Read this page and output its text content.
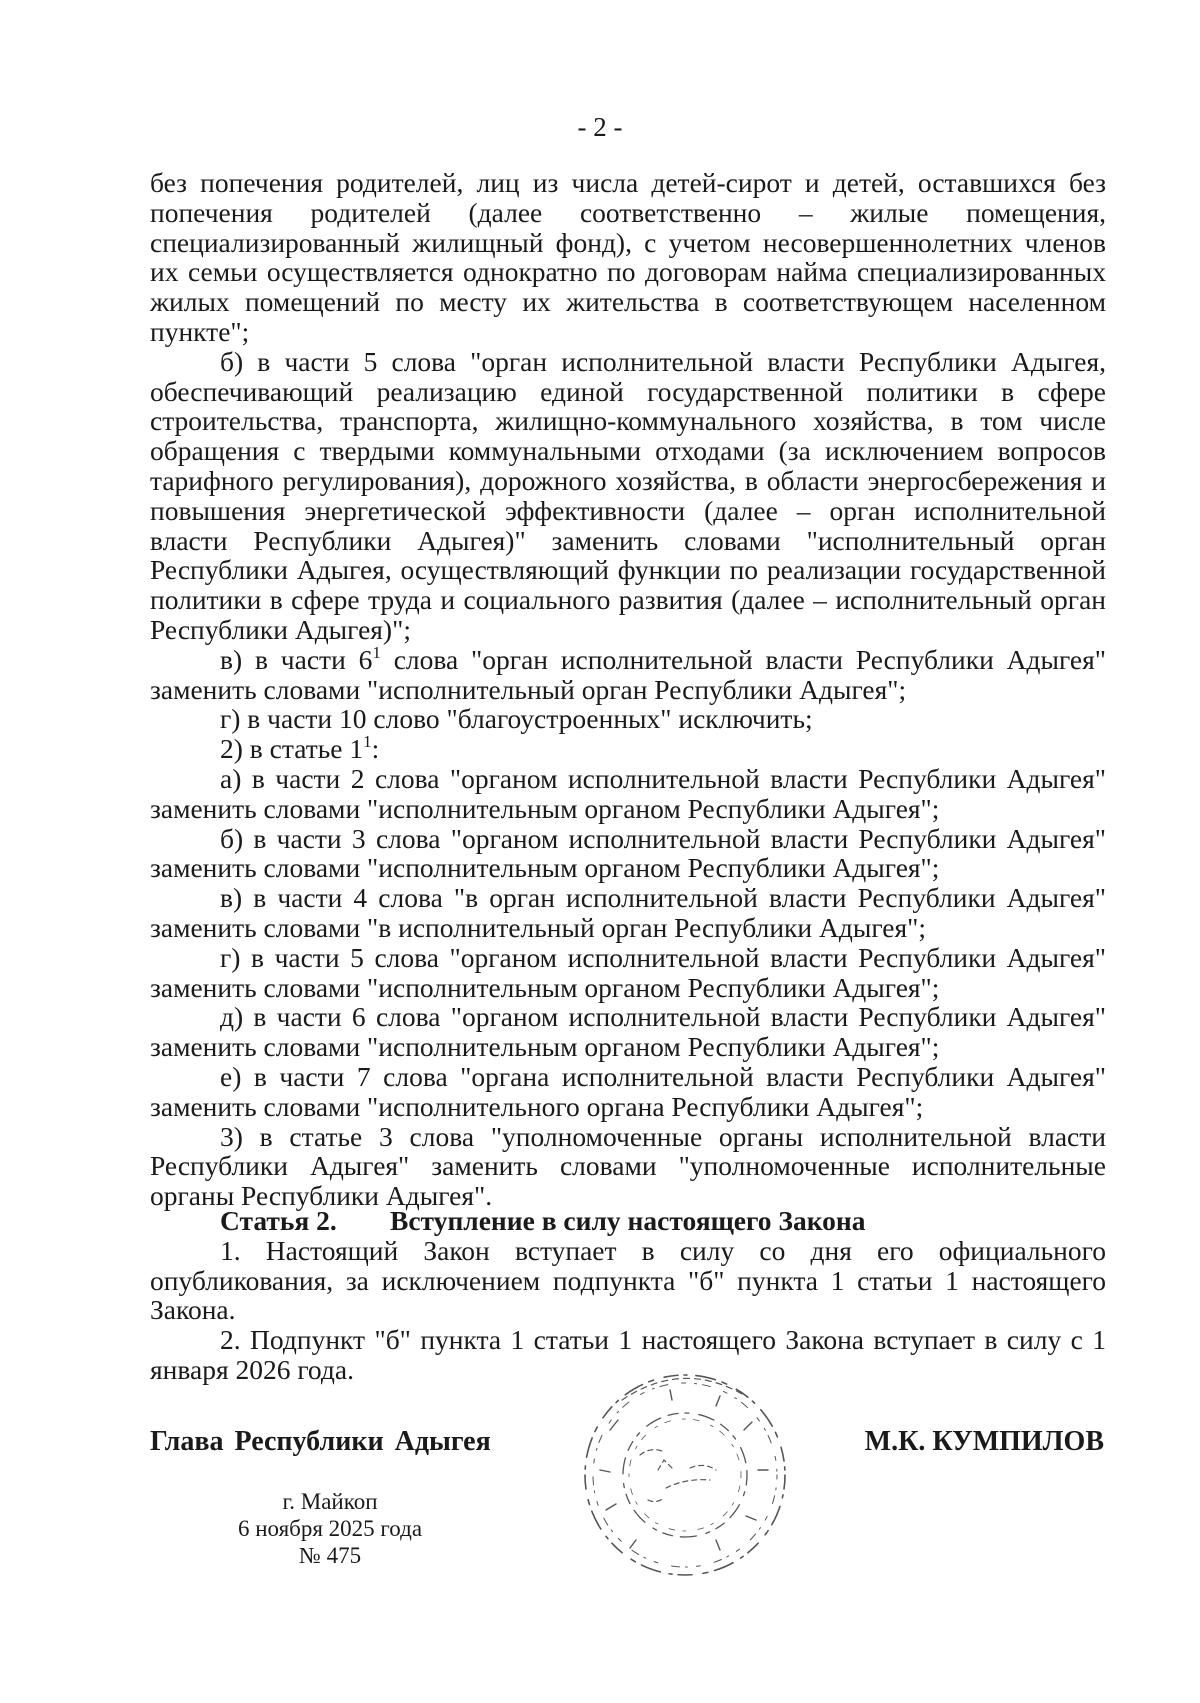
- 2 -

без попечения родителей, лиц из числа детей-сирот и детей, оставшихся без попечения родителей (далее соответственно – жилые помещения, специализированный жилищный фонд), с учетом несовершеннолетних членов их семьи осуществляется однократно по договорам найма специализированных жилых помещений по месту их жительства в соответствующем населенном пункте";

б) в части 5 слова "орган исполнительной власти Республики Адыгея, обеспечивающий реализацию единой государственной политики в сфере строительства, транспорта, жилищно-коммунального хозяйства, в том числе обращения с твердыми коммунальными отходами (за исключением вопросов тарифного регулирования), дорожного хозяйства, в области энергосбережения и повышения энергетической эффективности (далее – орган исполнительной власти Республики Адыгея)" заменить словами "исполнительный орган Республики Адыгея, осуществляющий функции по реализации государственной политики в сфере труда и социального развития (далее – исполнительный орган Республики Адыгея)";

в) в части $6^1$ слова "орган исполнительной власти Республики Адыгея" заменить словами "исполнительный орган Республики Адыгея";

г) в части 10 слово "благоустроенных" исключить;

2) в статье $1^1$:

а) в части 2 слова "органом исполнительной власти Республики Адыгея" заменить словами "исполнительным органом Республики Адыгея";

б) в части 3 слова "органом исполнительной власти Республики Адыгея" заменить словами "исполнительным органом Республики Адыгея";

в) в части 4 слова "в орган исполнительной власти Республики Адыгея" заменить словами "в исполнительный орган Республики Адыгея";

г) в части 5 слова "органом исполнительной власти Республики Адыгея" заменить словами "исполнительным органом Республики Адыгея";

д) в части 6 слова "органом исполнительной власти Республики Адыгея" заменить словами "исполнительным органом Республики Адыгея";

е) в части 7 слова "органа исполнительной власти Республики Адыгея" заменить словами "исполнительного органа Республики Адыгея";

3) в статье 3 слова "уполномоченные органы исполнительной власти Республики Адыгея" заменить словами "уполномоченные исполнительные органы Республики Адыгея".

Статья 2.	Вступление в силу настоящего Закона

1. Настоящий Закон вступает в силу со дня его официального опубликования, за исключением подпункта "б" пункта 1 статьи 1 настоящего Закона.

2. Подпункт "б" пункта 1 статьи 1 настоящего Закона вступает в силу с 1 января 2026 года.

Глава Республики Адыгея	М.К. КУМПИЛОВ
г. Майкоп
6 ноября 2025 года
№ 475
